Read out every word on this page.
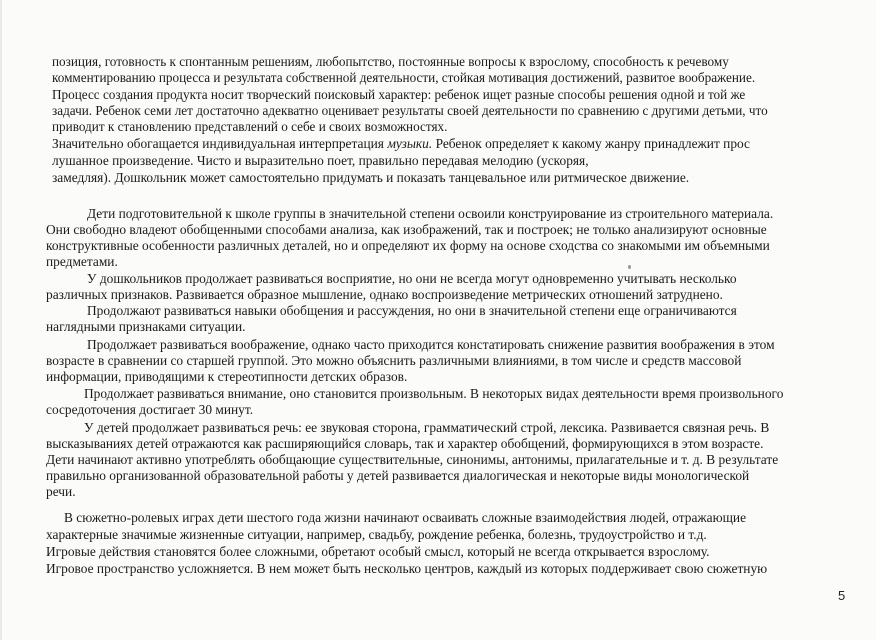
позиция, готовность к спонтанным решениям, любопытство, постоянные вопросы к взрослому, способность к речевому
комментированию процесса и результата собственной деятельности, стойкая мотивация достижений, развитое воображение.
Процесс создания продукта носит творческий поисковый характер: ребенок ищет разные способы решения одной и той же
задачи. Ребенок семи лет достаточно адекватно оценивает результаты своей деятельности по сравнению с другими детьми, что
приводит к становлению представлений о себе и своих возможностях.
Значительно обогащается индивидуальная интерпретация музыки. Ребенок определяет к какому жанру принадлежит прос
лушанное произведение. Чисто и выразительно поет, правильно передавая мелодию (ускоряя,
замедляя). Дошкольник может самостоятельно придумать и показать танцевальное или ритмическое движение.
Дети подготовительной к школе группы в значительной степени освоили конструирование из строительного материала.
Они свободно владеют обобщенными способами анализа, как изображений, так и построек; не только анализируют основные
конструктивные особенности различных деталей, но и определяют их форму на основе сходства со знакомыми им объемными
предметами.
У дошкольников продолжает развиваться восприятие, но они не всегда могут одновременно учитывать несколько
различных признаков. Развивается образное мышление, однако воспроизведение метрических отношений затруднено.
Продолжают развиваться навыки обобщения и рассуждения, но они в значительной степени еще ограничиваются
наглядными признаками ситуации.
Продолжает развиваться воображение, однако часто приходится констатировать снижение развития воображения в этом
возрасте в сравнении со старшей группой. Это можно объяснить различными влияниями, в том числе и средств массовой
информации, приводящими к стереотипности детских образов.
Продолжает развиваться внимание, оно становится произвольным. В некоторых видах деятельности время произвольного
сосредоточения достигает 30 минут.
У детей продолжает развиваться речь: ее звуковая сторона, грамматический строй, лексика. Развивается связная речь. В
высказываниях детей отражаются как расширяющийся словарь, так и характер обобщений, формирующихся в этом возрасте.
Дети начинают активно употреблять обобщающие существительные, синонимы, антонимы, прилагательные и т. д. В результате
правильно организованной образовательной работы у детей развивается диалогическая и некоторые виды монологической
речи.
В сюжетно-ролевых играх дети шестого года жизни начинают осваивать сложные взаимодействия людей, отражающие
характерные значимые жизненные ситуации, например, свадьбу, рождение ребенка, болезнь, трудоустройство и т.д.
Игровые действия становятся более сложными, обретают особый смысл, который не всегда открывается взрослому.
Игровое пространство усложняется. В нем может быть несколько центров, каждый из которых поддерживает свою сюжетную
5
